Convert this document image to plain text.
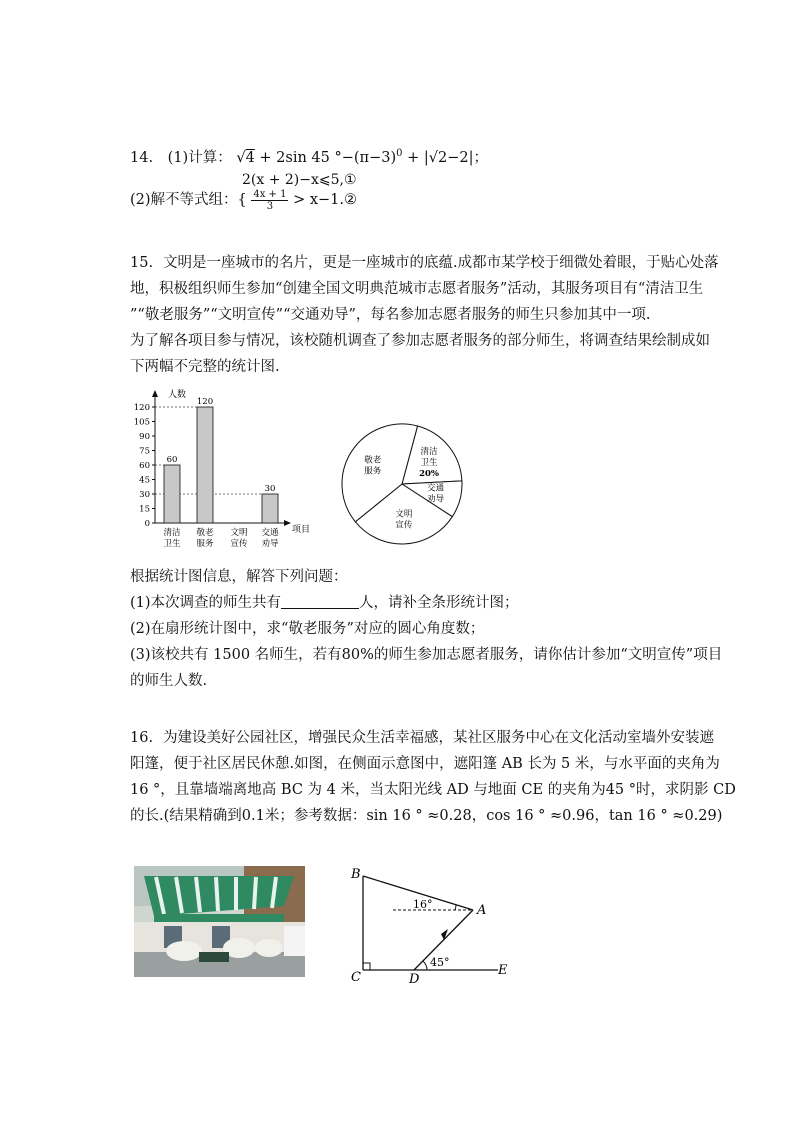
14. (1)计算： √4 + 2sin 45 $^\circ-(\pi-3)^0 + |√2-2|$；
2(x + 2)−x⩽5,①
(2)解不等式组：{ $\frac{4x + 1}{3}$ > x−1.②
15. 文明是一座城市的名片，更是一座城市的底蕴.成都市某学校于细微处着眼，于贴心处落
地，积极组织师生参加“创建全国文明典范城市志愿者服务”活动，其服务项目有“清洁卫生
”“敬老服务”“文明宣传”“交通劝导”，每名参加志愿者服务的师生只参加其中一项.
为了解各项目参与情况，该校随机调查了参加志愿者服务的部分师生，将调查结果绘制成如
下两幅不完整的统计图.
0
15
30
45
60
75
90
105
120
60
120
30
清洁
卫生
敬老
服务
文明
宣传
交通
劝导
人数
项目
清洁
卫生
20%
敬老
服务
文明
宣传
交通
劝导
根据统计图信息，解答下列问题：
(1)本次调查的师生共有	人，请补全条形统计图；
(2)在扇形统计图中，求“敬老服务”对应的圆心角度数；
(3)该校共有 1500 名师生，若有80%的师生参加志愿者服务，请你估计参加“文明宣传”项目
的师生人数.
16. 为建设美好公园社区，增强民众生活幸福感，某社区服务中心在文化活动室墙外安装遮
阳篷，便于社区居民休憩.如图，在侧面示意图中，遮阳篷 AB 长为 5 米，与水平面的夹角为
16 °，且靠墙端离地高 BC 为 4 米，当太阳光线 AD 与地面 CE 的夹角为45 °时，求阴影 CD
的长.(结果精确到0.1米；参考数据：sin 16 ° ≈0.28，cos 16 ° ≈0.96，tan 16 ° ≈0.29)
B
A
C	D
E
16°
45°
